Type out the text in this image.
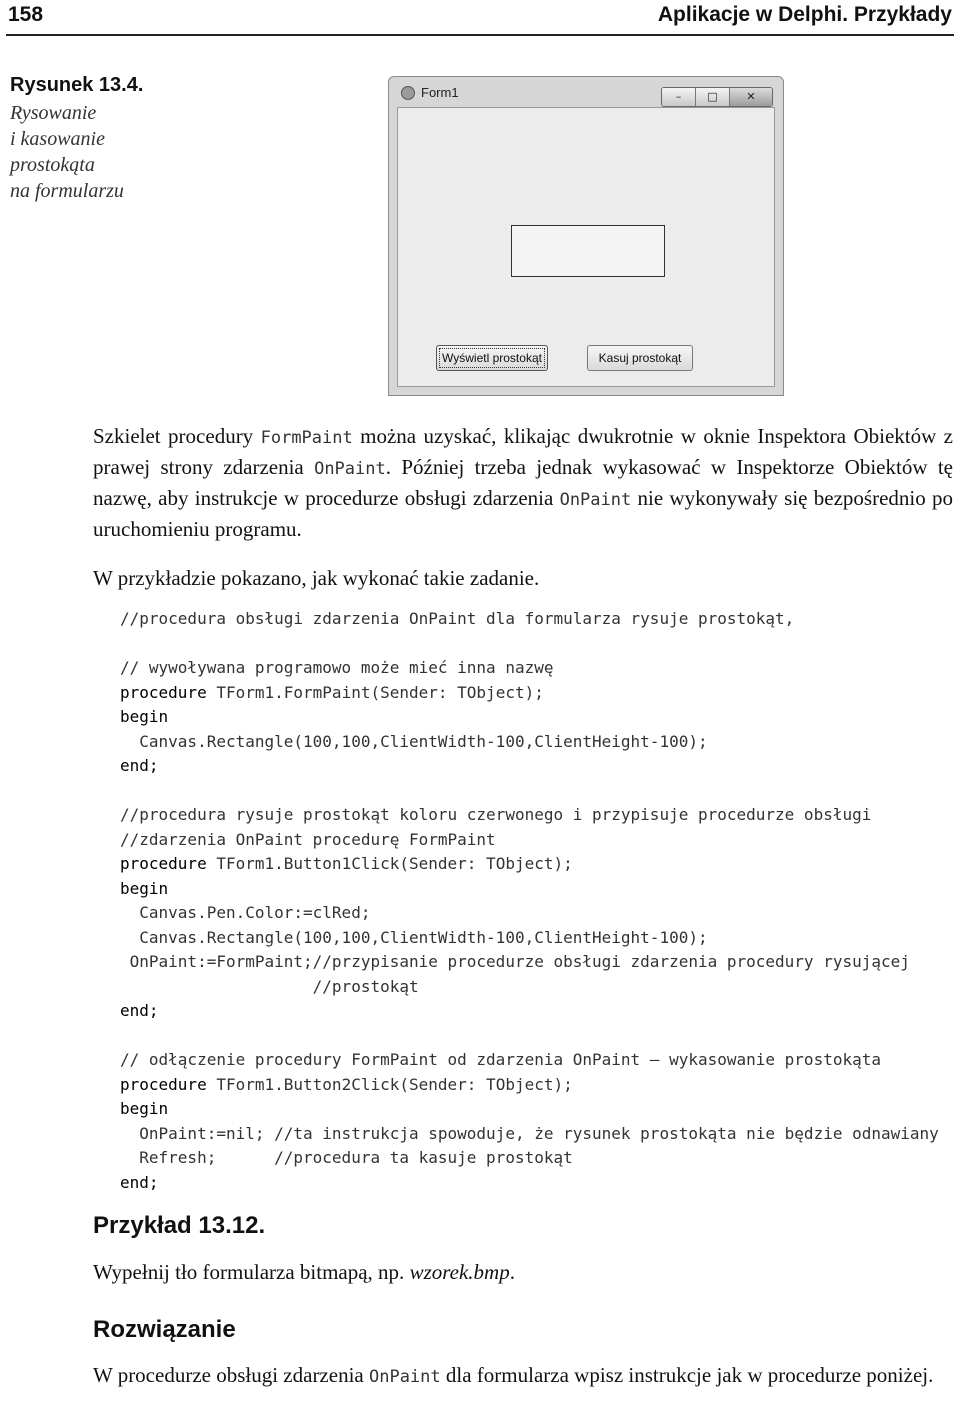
158	Aplikacje w Delphi. Przykłady
Rysunek 13.4.
Rysowanie
i kasowanie
prostokąta
na formularzu
Form1	–	□	✕
Wyświetl prostokąt	Kasuj prostokąt
Szkielet procedury FormPaint można uzyskać, klikając dwukrotnie w oknie Inspektora Obiektów z prawej strony zdarzenia OnPaint. Później trzeba jednak wykasować w Inspektorze Obiektów tę nazwę, aby instrukcje w procedurze obsługi zdarzenia OnPaint nie wykonywały się bezpośrednio po uruchomieniu programu.
W przykładzie pokazano, jak wykonać takie zadanie.
//procedura obsługi zdarzenia OnPaint dla formularza rysuje prostokąt,

// wywoływana programowo może mieć inna nazwę
procedure TForm1.FormPaint(Sender: TObject);
begin
Canvas.Rectangle(100,100,ClientWidth-100,ClientHeight-100);
end;

//procedura rysuje prostokąt koloru czerwonego i przypisuje procedurze obsługi
//zdarzenia OnPaint procedurę FormPaint
procedure TForm1.Button1Click(Sender: TObject);
begin
Canvas.Pen.Color:=clRed;
Canvas.Rectangle(100,100,ClientWidth-100,ClientHeight-100);
OnPaint:=FormPaint;//przypisanie procedurze obsługi zdarzenia procedury rysującej
//prostokąt
end;

// odłączenie procedury FormPaint od zdarzenia OnPaint — wykasowanie prostokąta
procedure TForm1.Button2Click(Sender: TObject);
begin
OnPaint:=nil; //ta instrukcja spowoduje, że rysunek prostokąta nie będzie odnawiany
Refresh;      //procedura ta kasuje prostokąt
end;
Przykład 13.12.
Wypełnij tło formularza bitmapą, np. wzorek.bmp.
Rozwiązanie
W procedurze obsługi zdarzenia OnPaint dla formularza wpisz instrukcje jak w procedurze poniżej.
